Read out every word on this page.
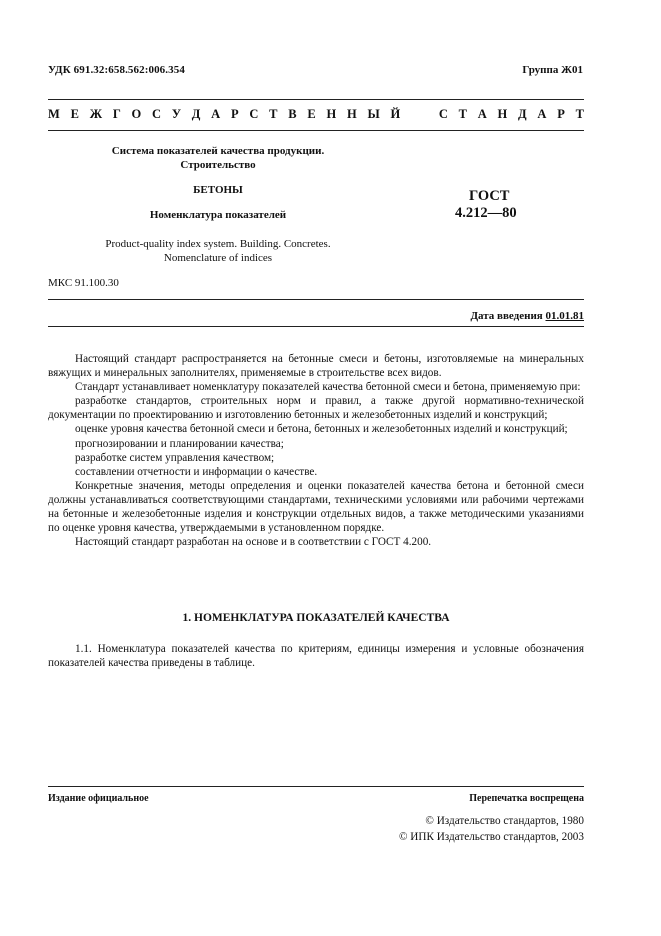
УДК 691.32:658.562:006.354	Группа Ж01
М Е Ж Г О С У Д А Р С Т В Е Н Н Ы Й

	С Т А Н Д А Р Т
Система показателей качества продукции.
Строительство
БЕТОНЫ
Номенклатура показателей
Product-quality index system. Building. Concretes.
Nomenclature of indices
ГОСТ
4.212—80
МКС 91.100.30
Дата введения 01.01.81

Настоящий стандарт распространяется на бетонные смеси и бетоны, изготовляемые на минеральных вяжущих и минеральных заполнителях, применяемые в строительстве всех видов.

Стандарт устанавливает номенклатуру показателей качества бетонной смеси и бетона, применяемую при:

разработке стандартов, строительных норм и правил, а также другой нормативно-технической документации по проектированию и изготовлению бетонных и железобетонных изделий и конструкций;

оценке уровня качества бетонной смеси и бетона, бетонных и железобетонных изделий и конструкций;

прогнозировании и планировании качества;

разработке систем управления качеством;

составлении отчетности и информации о качестве.

Конкретные значения, методы определения и оценки показателей качества бетона и бетонной смеси должны устанавливаться соответствующими стандартами, техническими условиями или рабочими чертежами на бетонные и железобетонные изделия и конструкции отдельных видов, а также методическими указаниями по оценке уровня качества, утверждаемыми в установленном порядке.

Настоящий стандарт разработан на основе и в соответствии с ГОСТ 4.200.

1. НОМЕНКЛАТУРА ПОКАЗАТЕЛЕЙ КАЧЕСТВА

1.1. Номенклатура показателей качества по критериям, единицы измерения и условные обозначения показателей качества приведены в таблице.

Издание официальное	Перепечатка воспрещена
© Издательство стандартов, 1980
© ИПК Издательство стандартов, 2003
